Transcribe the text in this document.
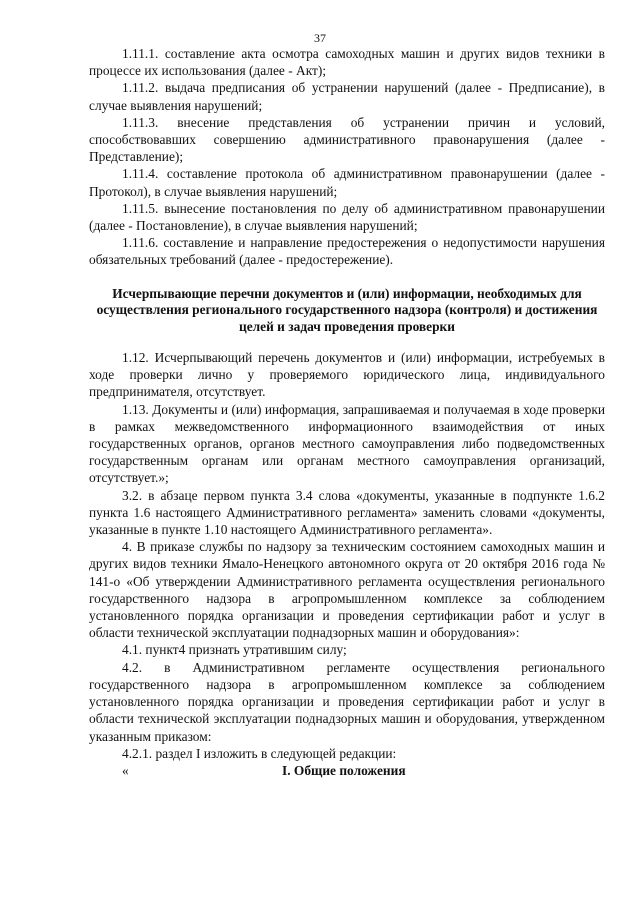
37

1.11.1. составление акта осмотра самоходных машин и других видов техники в процессе их использования (далее - Акт);

1.11.2. выдача предписания об устранении нарушений (далее - Предписание), в случае выявления нарушений;

1.11.3. внесение представления об устранении причин и условий, способствовавших совершению административного правонарушения (далее - Представление);

1.11.4. составление протокола об административном правонарушении (далее - Протокол), в случае выявления нарушений;

1.11.5. вынесение постановления по делу об административном правонарушении (далее - Постановление), в случае выявления нарушений;

1.11.6. составление и направление предостережения о недопустимости нарушения обязательных требований (далее - предостережение).

Исчерпывающие перечни документов и (или) информации, необходимых для осуществления регионального государственного надзора (контроля) и достижения целей и задач проведения проверки

1.12. Исчерпывающий перечень документов и (или) информации, истребуемых в ходе проверки лично у проверяемого юридического лица, индивидуального предпринимателя, отсутствует.

1.13. Документы и (или) информация, запрашиваемая и получаемая в ходе проверки в рамках межведомственного информационного взаимодействия от иных государственных органов, органов местного самоуправления либо подведомственных государственным органам или органам местного самоуправления организаций, отсутствует.»;

3.2. в абзаце первом пункта 3.4 слова «документы, указанные в подпункте 1.6.2 пункта 1.6 настоящего Административного регламента» заменить словами «документы, указанные в пункте 1.10 настоящего Административного регламента».

4. В приказе службы по надзору за техническим состоянием самоходных машин и других видов техники Ямало-Ненецкого автономного округа от 20 октября 2016 года № 141-о «Об утверждении Административного регламента осуществления регионального государственного надзора в агропромышленном комплексе за соблюдением установленного порядка организации и проведения сертификации работ и услуг в области технической эксплуатации поднадзорных машин и оборудования»:

4.1. пункт4 признать утратившим силу;

4.2. в Административном регламенте осуществления регионального государственного надзора в агропромышленном комплексе за соблюдением установленного порядка организации и проведения сертификации работ и услуг в области технической эксплуатации поднадзорных машин и оборудования, утвержденном указанным приказом:

4.2.1. раздел I изложить в следующей редакции:

«	I. Общие положения
